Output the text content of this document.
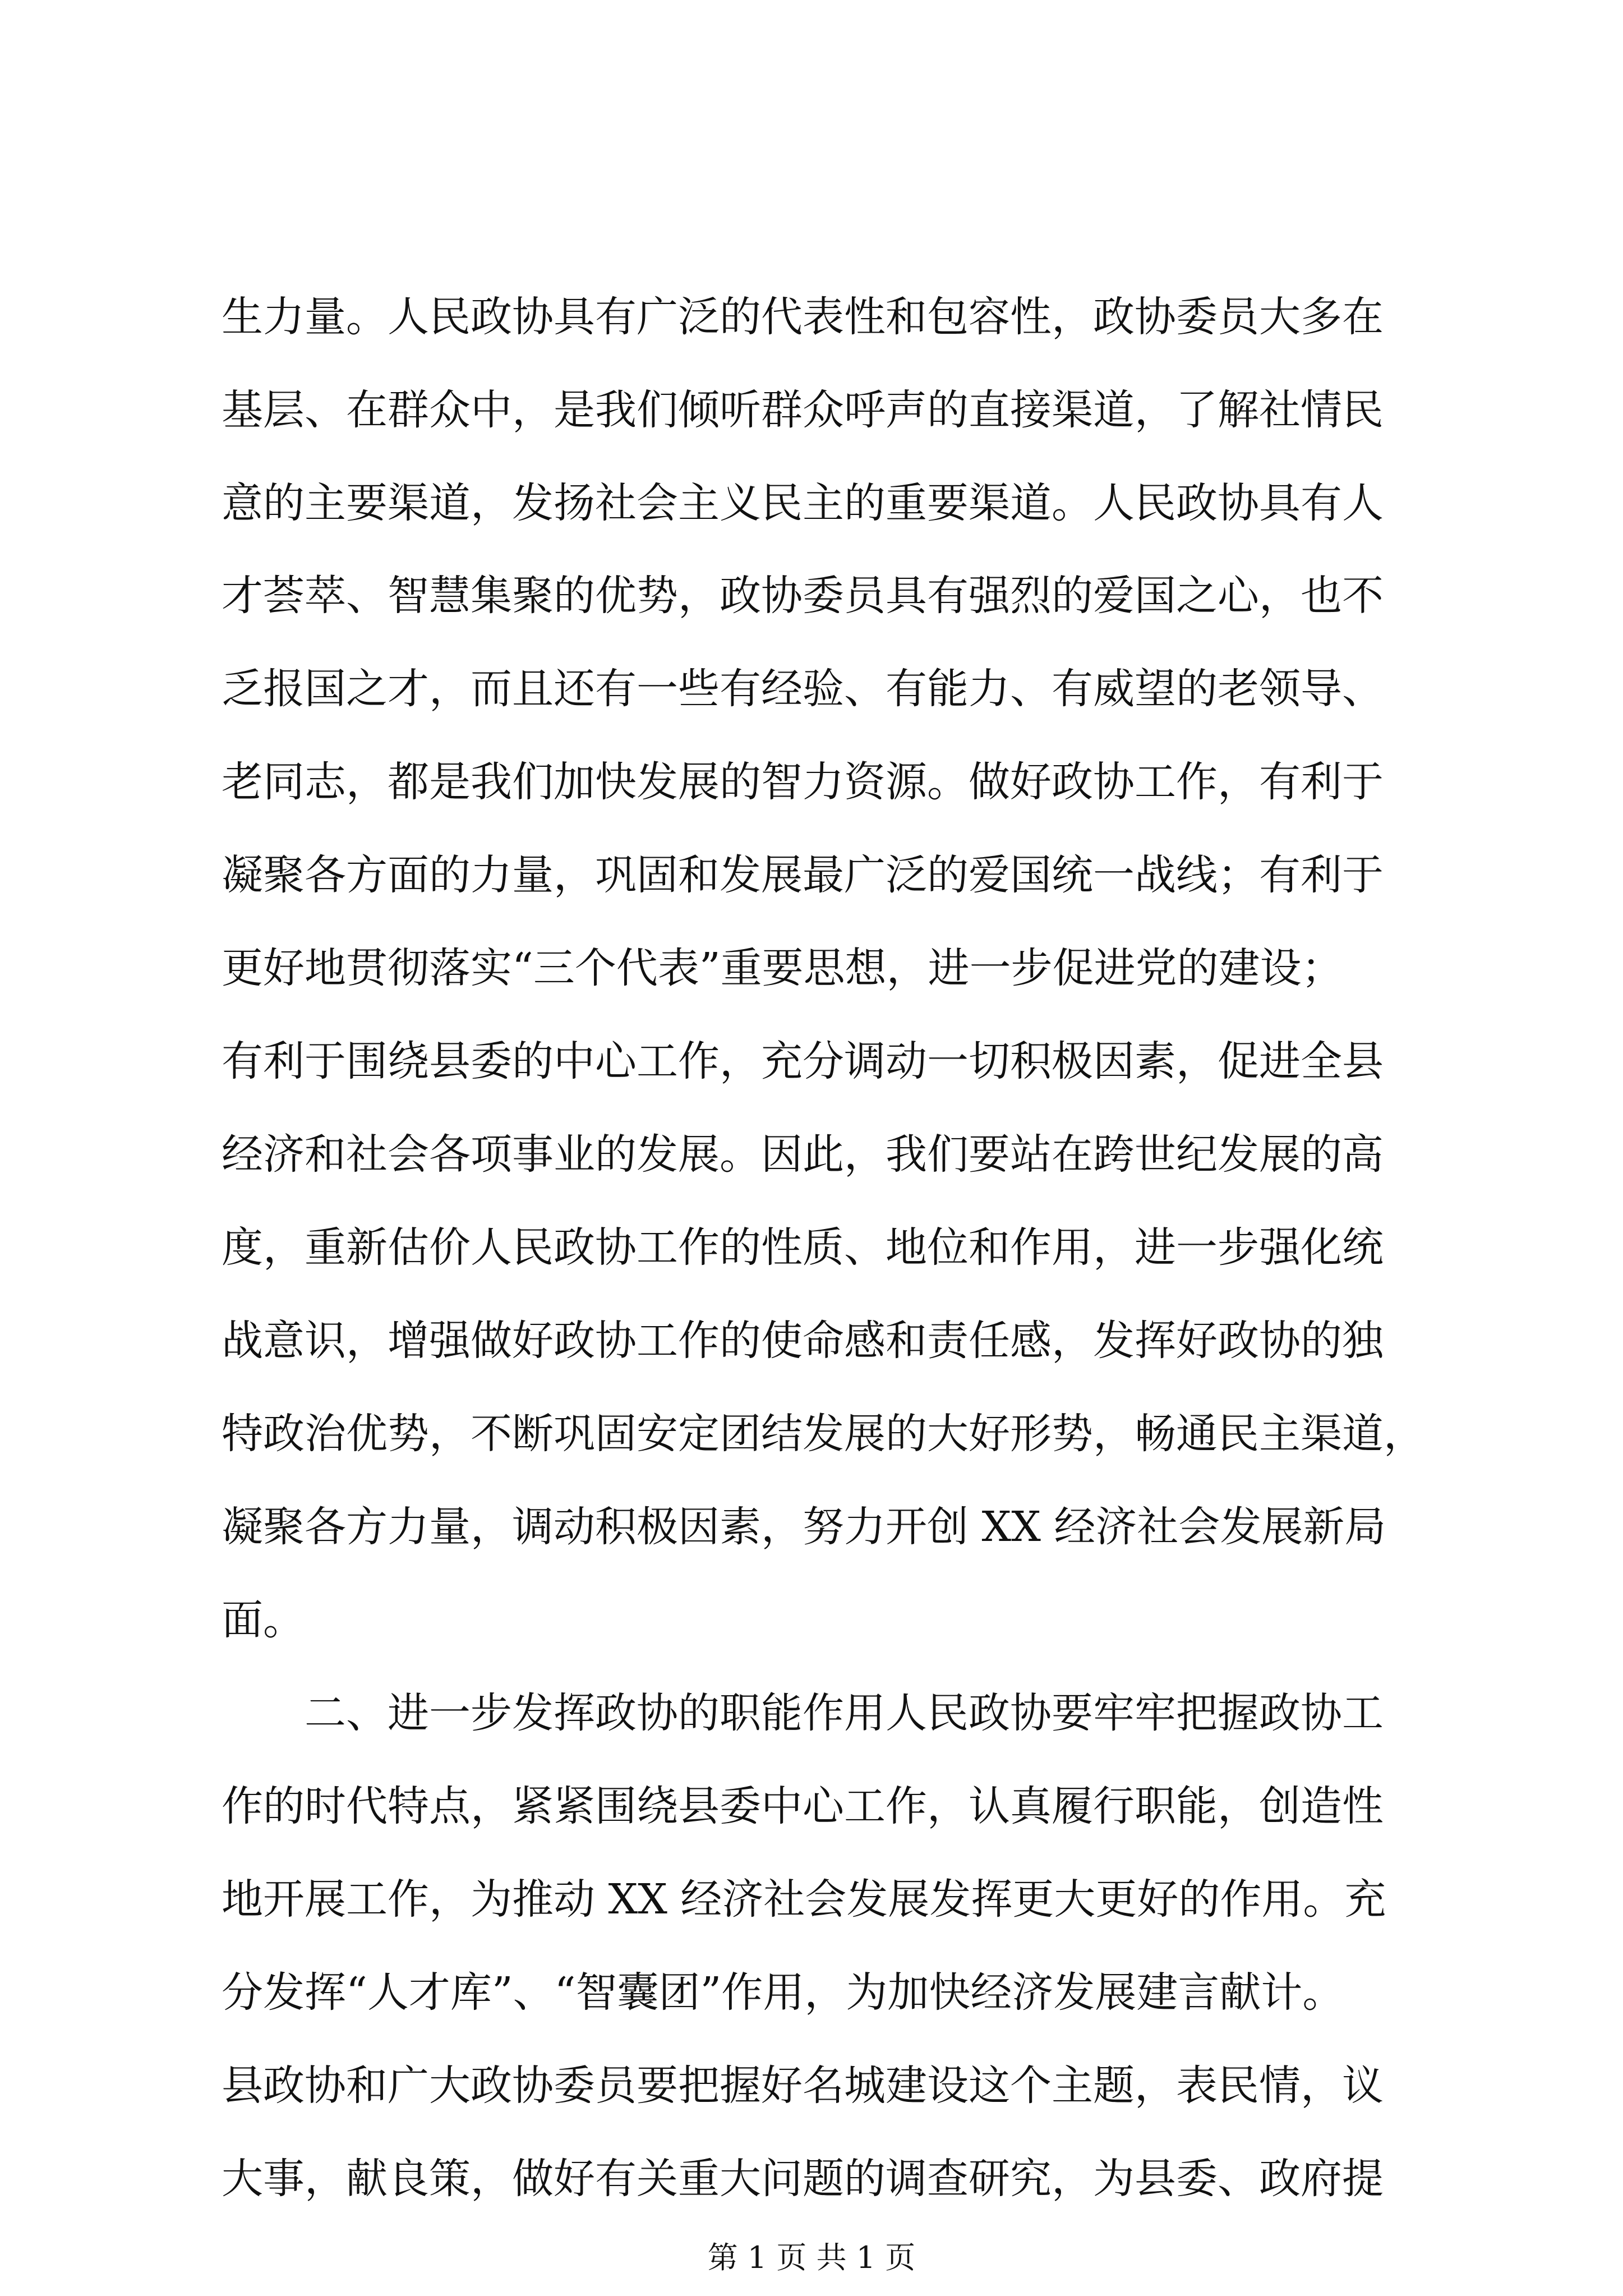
生力量。人民政协具有广泛的代表性和包容性，政协委员大多在
基层、在群众中，是我们倾听群众呼声的直接渠道，了解社情民
意的主要渠道，发扬社会主义民主的重要渠道。人民政协具有人
才荟萃、智慧集聚的优势，政协委员具有强烈的爱国之心，也不
乏报国之才，而且还有一些有经验、有能力、有威望的老领导、
老同志，都是我们加快发展的智力资源。做好政协工作，有利于
凝聚各方面的力量，巩固和发展最广泛的爱国统一战线；有利于
更好地贯彻落实“三个代表”重要思想，进一步促进党的建设；
有利于围绕县委的中心工作，充分调动一切积极因素，促进全县
经济和社会各项事业的发展。因此，我们要站在跨世纪发展的高
度，重新估价人民政协工作的性质、地位和作用，进一步强化统
战意识，增强做好政协工作的使命感和责任感，发挥好政协的独
特政治优势，不断巩固安定团结发展的大好形势，畅通民主渠道，
凝聚各方力量，调动积极因素，努力开创 XX 经济社会发展新局
面。
　　二、进一步发挥政协的职能作用人民政协要牢牢把握政协工
作的时代特点，紧紧围绕县委中心工作，认真履行职能，创造性
地开展工作，为推动 XX 经济社会发展发挥更大更好的作用。充
分发挥“人才库”、“智囊团”作用，为加快经济发展建言献计。
县政协和广大政协委员要把握好名城建设这个主题，表民情，议
大事，献良策，做好有关重大问题的调查研究，为县委、政府提
第 1 页 共 1 页
